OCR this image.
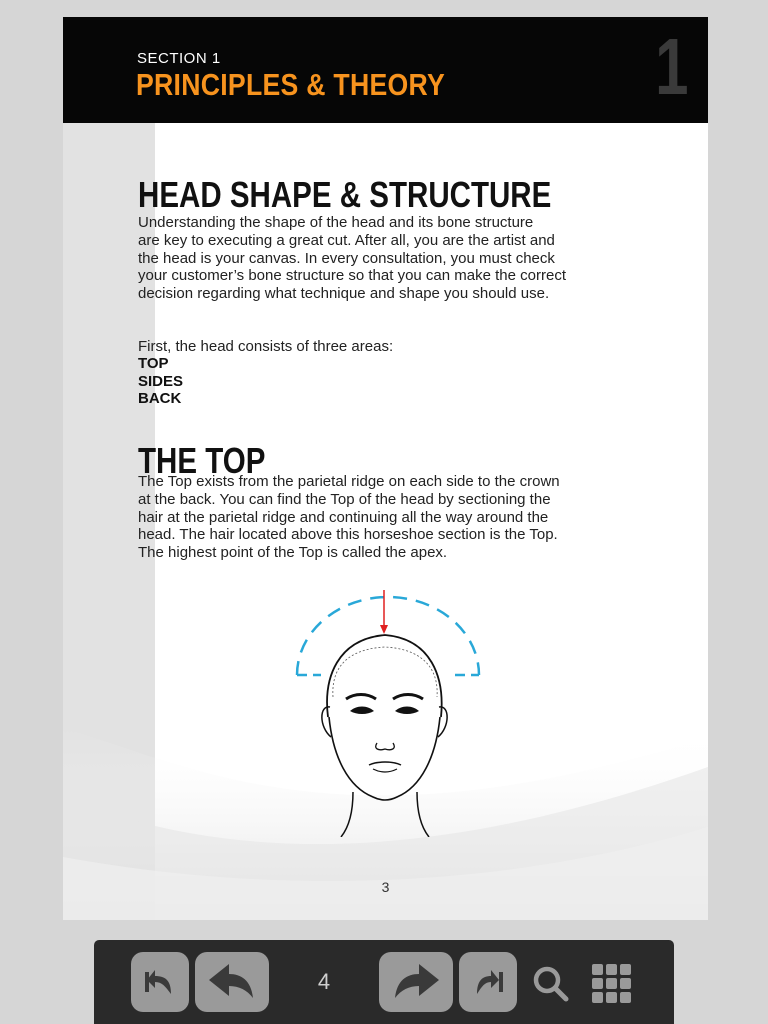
SECTION 1
PRINCIPLES & THEORY	1
HEAD SHAPE & STRUCTURE
Understanding the shape of the head and its bone structure
are key to executing a great cut. After all, you are the artist and
the head is your canvas. In every consultation, you must check
your customer’s bone structure so that you can make the correct
decision regarding what technique and shape you should use.
First, the head consists of three areas:
TOP
SIDES
BACK
THE TOP
The Top exists from the parietal ridge on each side to the crown
at the back. You can find the Top of the head by sectioning the
hair at the parietal ridge and continuing all the way around the
head. The hair located above this horseshoe section is the Top.
The highest point of the Top is called the apex.
3
4
